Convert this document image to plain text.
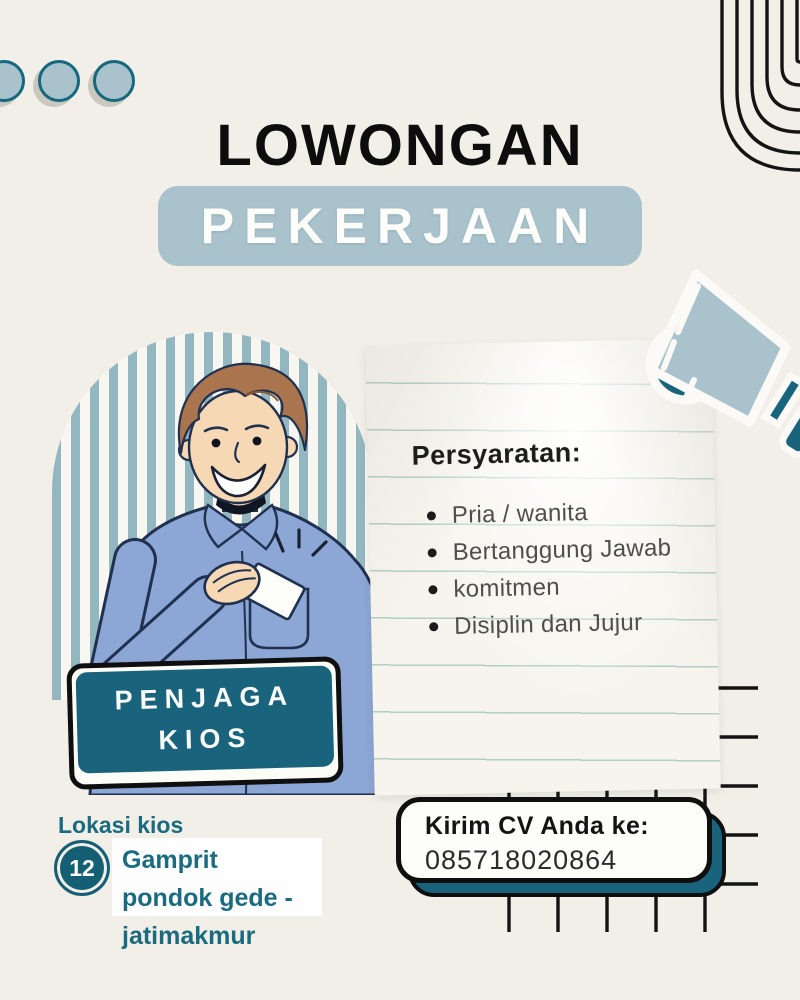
LOWONGAN

PEKERJAAN

Persyaratan:
Pria / wanita
Bertanggung Jawab
komitmen
Disiplin dan Jujur
PENJAGA
KIOS
Lokasi kios
12 Gamprit
pondok gede -
jatimakmur
Kirim CV Anda ke:
085718020864
